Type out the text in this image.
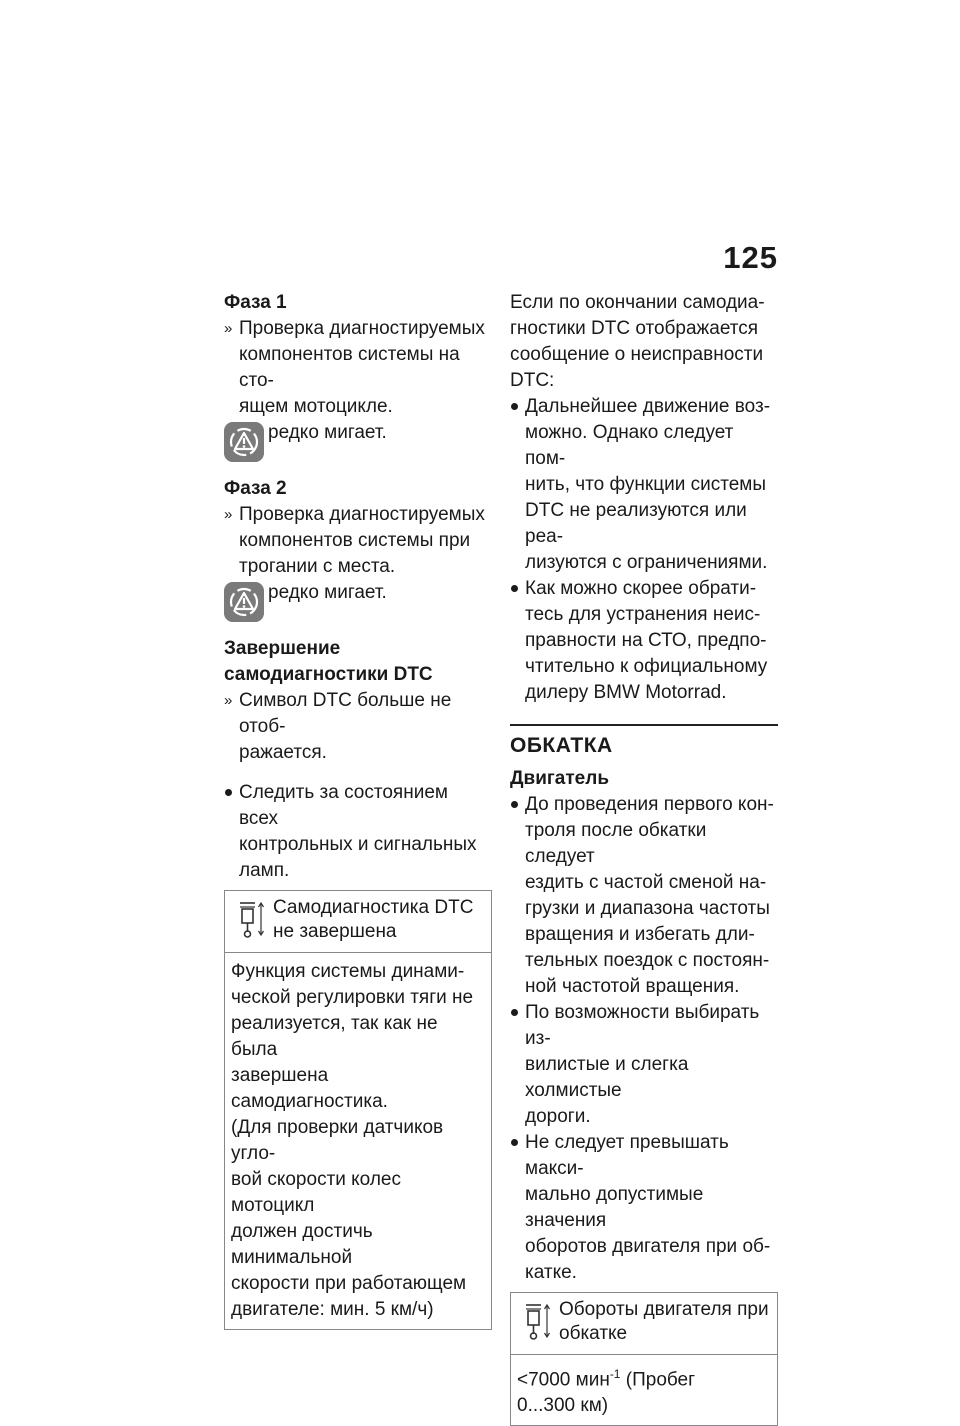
125

Фаза 1

» Проверка диагностируемых
компонентов системы на сто-
ящем мотоцикле.
редко мигает.

Фаза 2

» Проверка диагностируемых
компонентов системы при
трогании с места.
редко мигает.
Завершение
самодиагностики DTC
» Символ DTC больше не отоб-
ражается.
Следить за состоянием всех
контрольных и сигнальных
ламп.
Самодиагностика DTC
не завершена
Функция системы динами-
ческой регулировки тяги не
реализуется, так как не была
завершена самодиагностика.
(Для проверки датчиков угло-
вой скорости колес мотоцикл
должен достичь минимальной
скорости при работающем
двигателе: мин. 5 км/ч)
Если по окончании самодиа-
гностики DTC отображается
сообщение о неисправности
DTC:
Дальнейшее движение воз-
можно. Однако следует пом-
нить, что функции системы
DTC не реализуются или реа-
лизуются с ограничениями.
Как можно скорее обрати-
тесь для устранения неис-
правности на СТО, предпо-
чтительно к официальному
дилеру BMW Motorrad.

ОБКАТКА

Двигатель

До проведения первого кон-
троля после обкатки следует
ездить с частой сменой на-
грузки и диапазона частоты
вращения и избегать дли-
тельных поездок с постоян-
ной частотой вращения.
По возможности выбирать из-
вилистые и слегка холмистые
дороги.
Не следует превышать макси-
мально допустимые значения
оборотов двигателя при об-
катке.
Обороты двигателя при
обкатке
<7000 мин$^{-1}$ (Пробег
0...300 км)
